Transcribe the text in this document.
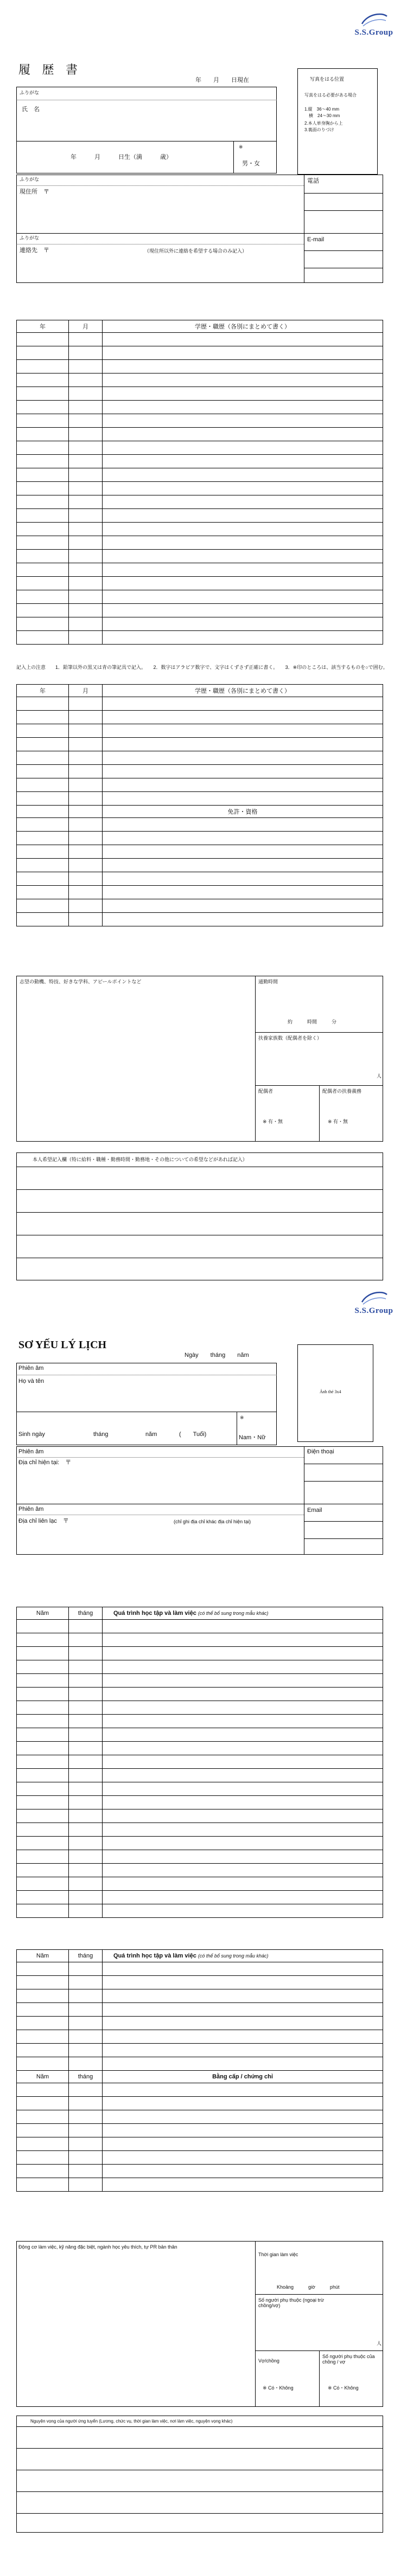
S.S.Group
履 歴 書
年　　月　　日現在	写真をはる位置
写真をはる必要がある場合
1.縦　36〜40 mm
　横　24〜30 mm
2.本人単身胸から上
3.裏面のりづけ
ふりがな
氏　名
年　　　月　　　日生（満　　　歳）
※
男・女
ふりがな
現住所　〒
電話
ふりがな
連絡先　〒	（現住所以外に連絡を希望する場合のみ記入）
E-mail
年	月	学歴・職歴（各別にまとめて書く）

記入上の注意　　1．鉛筆以外の黒又は青の筆記具で記入。　　2．数字はアラビア数字で、文字はくずさず正確に書く。　　3．※印のところは、該当するものを○で囲む。
年	月	学歴・職歴（各別にまとめて書く）

		免許・資格

志望の動機、特技、好きな学科、アピールポイントなど	通勤時間
約　　　時間　　　分
扶養家族数（配偶者を除く）
人
配偶者
※ 有・無
配偶者の扶養義務
※ 有・無
本人希望記入欄（特に給料・職種・勤務時間・勤務地・その他についての希望などがあれば記入）
S.S.Group
SƠ YẾU LÝ LỊCH
Ngày　　tháng　　năm
Ảnh thẻ 3x4
Phiên âm
Họ và tên
Sinh ngày	tháng	năm	(　　Tuổi)
※
Nam・Nữ
Phiên âm
Địa chỉ hiện tại:　〒
Điện thoại
Phiên âm
Địa chỉ liên lạc　〒	(chỉ ghi địa chỉ khác địa chỉ hiện tại)
Email
Năm	tháng	Quá trình học tập và làm việc (có thể bổ sung trong mẫu khác)

Năm	tháng	Quá trình học tập và làm việc (có thể bổ sung trong mẫu khác)

Năm	tháng	Bằng cấp / chứng chỉ

Động cơ làm việc, kỹ năng đặc biệt, ngành học yêu thích, tự PR bản thân
Thời gian làm việc
Khoảng　　　giờ　　　phút
Số người phụ thuộc (ngoại trừ chồng/vợ)
人
Vợ/chồng
※ Có・Không
Số người phụ thuộc của chồng / vợ
※ Có・Không
Nguyện vọng của người ứng tuyển (Lương, chức vụ, thời gian làm việc, nơi làm việc, nguyện vọng khác)
